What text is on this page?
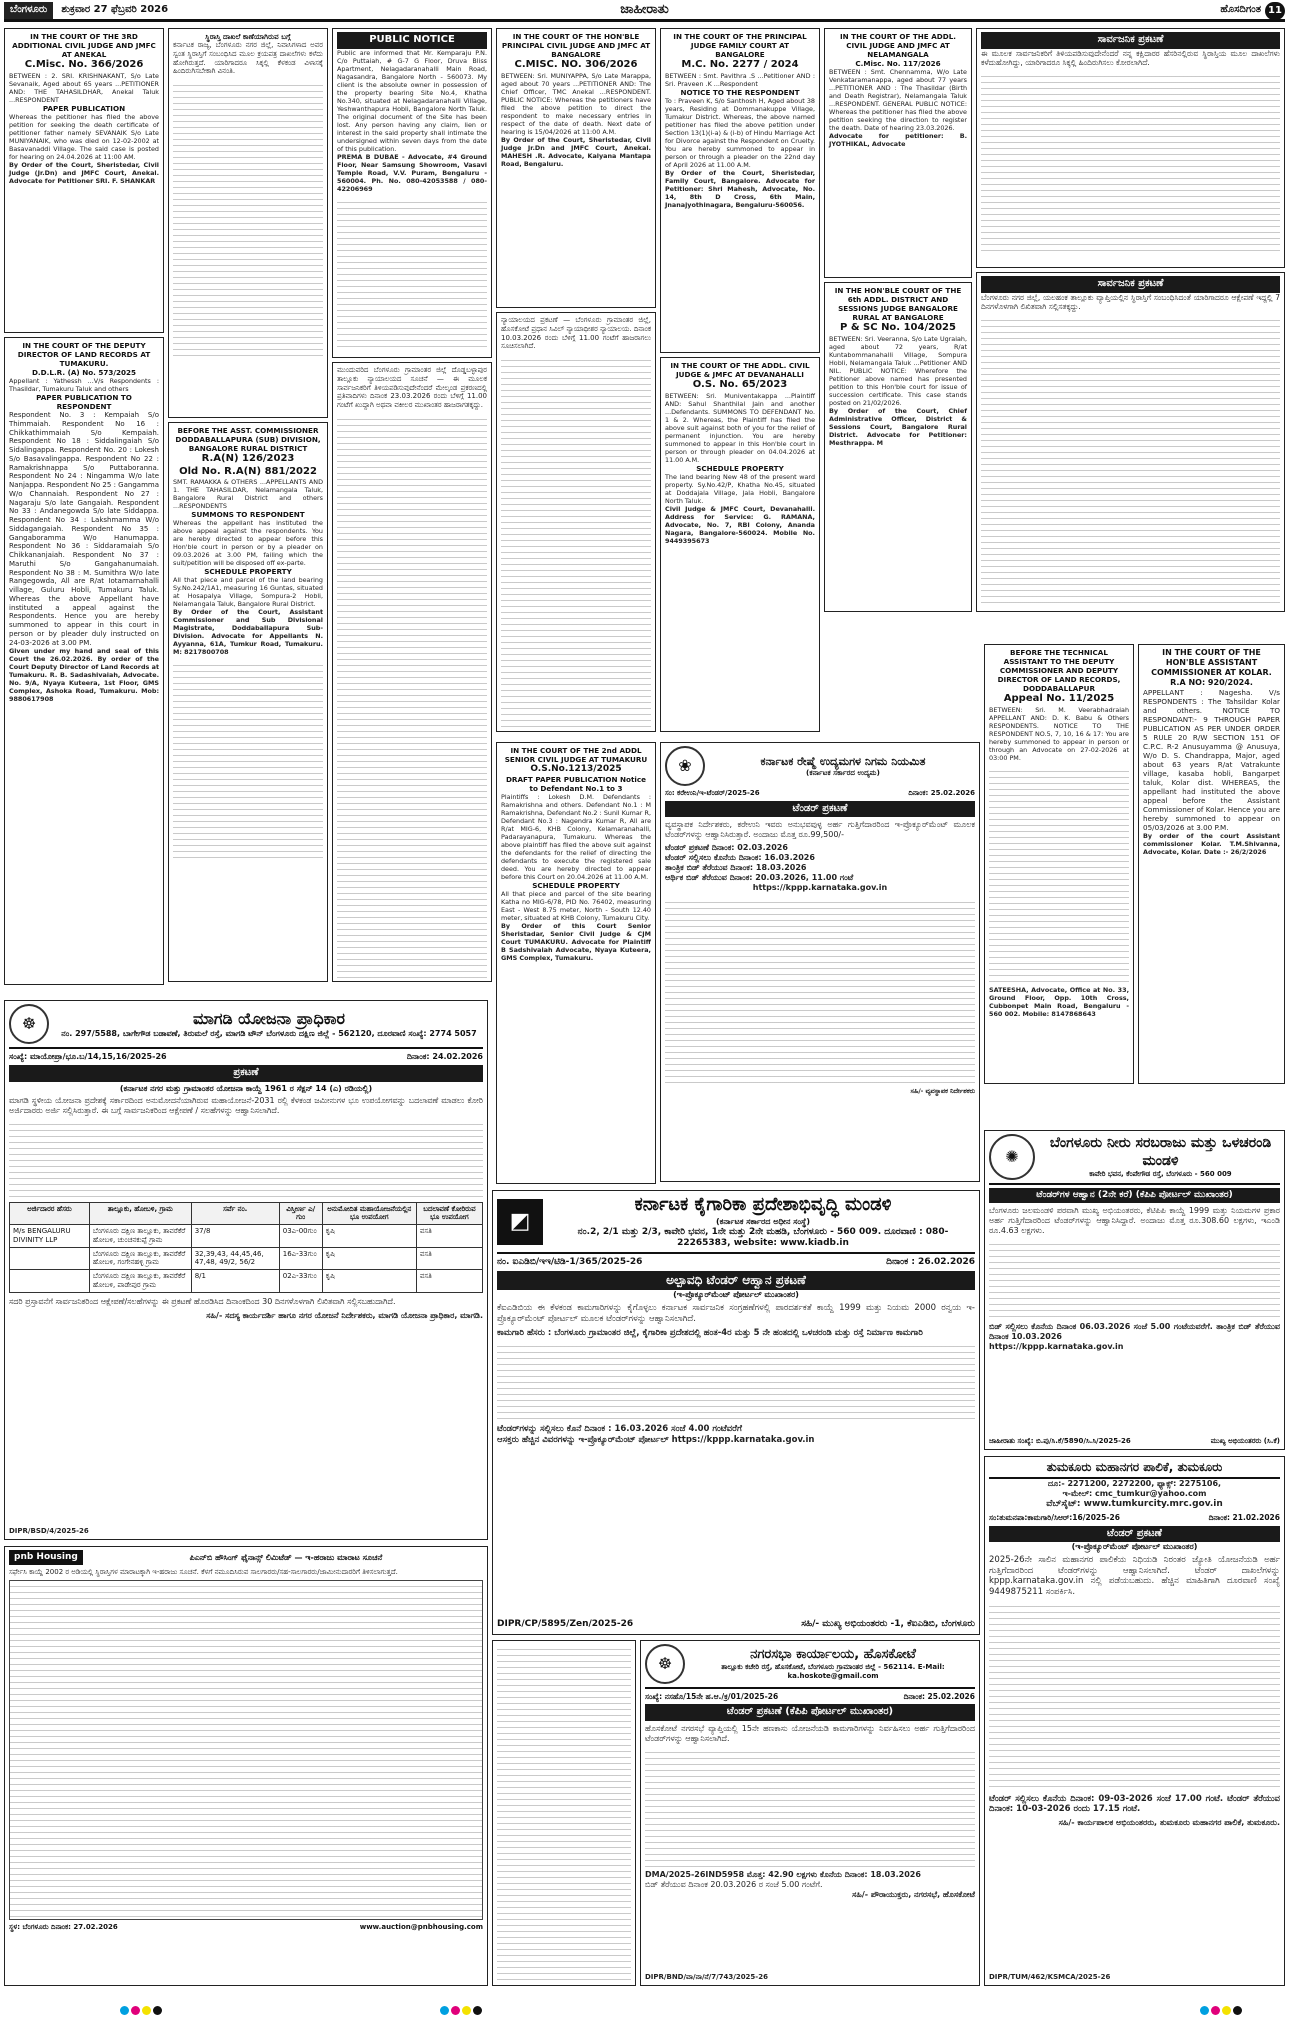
ಬೆಂಗಳೂರು	ಶುಕ್ರವಾರ 27 ಫೆಬ್ರವರಿ 2026	ಜಾಹೀರಾತು	ಹೊಸದಿಗಂತ 11
IN THE COURT OF THE 3RD ADDITIONAL CIVIL JUDGE AND JMFC AT ANEKAL
C.Misc. No. 366/2026
BETWEEN : 2. SRI. KRISHNAKANT, S/o Late Sevanaik, Aged about 65 years ...PETITIONER AND: THE TAHASILDHAR, Anekal Taluk ...RESPONDENT
PAPER PUBLICATION
Whereas the petitioner has filed the above petition for seeking the death certificate of petitioner father namely SEVANAIK S/o Late MUNIYANAIK, who was died on 12-02-2002 at Basavanaddi Village. The said case is posted for hearing on 24.04.2026 at 11:00 AM.
By Order of the Court, Sheristedar, Civil Judge (Jr.Dn) and JMFC Court, Anekal. Advocate for Petitioner SRI. F. SHANKAR
IN THE COURT OF THE DEPUTY DIRECTOR OF LAND RECORDS AT TUMAKURU.
D.D.L.R. (A) No. 573/2025
Appellant : Yathessh ...V/s Respondents : Thasildar, Tumakuru Taluk and others
PAPER PUBLICATION TO RESPONDENT
Respondent No. 3 : Kempaiah S/o Thimmaiah. Respondent No 16 : Chikkathimmaiah S/o Kempaiah. Respondent No 18 : Siddalingaiah S/o Sidalingappa. Respondent No. 20 : Lokesh S/o Basavalingappa. Respondent No 22 : Ramakrishnappa S/o Puttaboranna. Respondent No 24 : Ningamma W/o late Nanjappa. Respondent No 25 : Gangamma W/o Channaiah. Respondent No 27 : Nagaraju S/o late Gangaiah. Respondent No 33 : Andanegowda S/o late Siddappa. Respondent No 34 : Lakshmamma W/o Siddagangaiah. Respondent No 35 : Gangaboramma W/o Hanumappa. Respondent No 36 : Siddaramaiah S/o Chikkananjaiah. Respondent No 37 : Maruthi S/o Gangahanumaiah. Respondent No 38 : M. Sumithra W/o late Rangegowda, All are R/at Iotamarnahalli village, Guluru Hobli, Tumakuru Taluk. Whereas the above Appellant have instituted a appeal against the Respondents. Hence you are hereby summoned to appear in this court in person or by pleader duly instructed on 24-03-2026 at 3.00 PM.
Given under my hand and seal of this Court the 26.02.2026. By order of the Court Deputy Director of Land Records at Tumakuru. R. B. Sadashivaiah, Advocate. No. 9/A, Nyaya Kuteera, 1st Floor, GMS Complex, Ashoka Road, Tumakuru. Mob: 9880617908
ಸ್ಥಿರಾಸ್ತಿ ದಾಖಲೆ ಕಾಣೆಯಾಗಿರುವ ಬಗ್ಗೆ
ಕರ್ನಾಟಕ ರಾಜ್ಯ, ಬೆಂಗಳೂರು ನಗರ ಜಿಲ್ಲೆ, ನಿವಾಸಿಗಳಾದ ಅವರ ಸ್ವಂತ ಸ್ಥಿರಾಸ್ತಿಗೆ ಸಂಬಂಧಿಸಿದ ಮೂಲ ಕ್ರಯಪತ್ರ ದಾಖಲೆಗಳು ಕಳೆದು ಹೋಗಿರುತ್ತದೆ. ಯಾರಿಗಾದರೂ ಸಿಕ್ಕಲ್ಲಿ ಕೆಳಕಂಡ ವಿಳಾಸಕ್ಕೆ ಹಿಂದಿರುಗಿಸಬೇಕಾಗಿ ವಿನಂತಿ.
BEFORE THE ASST. COMMISSIONER DODDABALLAPURA (SUB) DIVISION, BANGALORE RURAL DISTRICT
R.A(N) 126/2023
Old No. R.A(N) 881/2022
SMT. RAMAKKA & OTHERS ...APPELLANTS AND 1. THE TAHASILDAR, Nelamangala Taluk, Bangalore Rural District and others ...RESPONDENTS
SUMMONS TO RESPONDENT
Whereas the appellant has instituted the above appeal against the respondents. You are hereby directed to appear before this Hon'ble court in person or by a pleader on 09.03.2026 at 3.00 PM, failing which the suit/petition will be disposed off ex-parte.
SCHEDULE PROPERTY
All that piece and parcel of the land bearing Sy.No.242/1A1, measuring 16 Guntas, situated at Hosapalya Village, Sompura-2 Hobli, Nelamangala Taluk, Bangalore Rural District.
By Order of the Court, Assistant Commissioner and Sub Divisional Magistrate, Doddaballapura Sub-Division. Advocate for Appellants N. Ayyanna, 61A, Tumkur Road, Tumakuru. M: 8217800708
PUBLIC NOTICE
Public are informed that Mr. Kemparaju P.N. C/o Puttaiah, # G-7 G Floor, Druva Bliss Apartment, Nelagadaranahalli Main Road, Nagasandra, Bangalore North - 560073. My client is the absolute owner in possession of the property bearing Site No.4, Khatha No.340, situated at Nelagadaranahalli Village, Yeshwanthapura Hobli, Bangalore North Taluk. The original document of the Site has been lost. Any person having any claim, lien or interest in the said property shall intimate the undersigned within seven days from the date of this publication.
PREMA B DUBAE - Advocate, #4 Ground Floor, Near Samsung Showroom, Vasavi Temple Road, V.V. Puram, Bengaluru - 560004. Ph. No. 080-42053588 / 080-42206969
ಮುಂದುವರಿದ ಬೆಂಗಳೂರು ಗ್ರಾಮಾಂತರ ಜಿಲ್ಲೆ ದೊಡ್ಡಬಳ್ಳಾಪುರ ತಾಲ್ಲೂಕು ನ್ಯಾಯಾಲಯದ ಸೂಚನೆ — ಈ ಮೂಲಕ ಸಾರ್ವಜನಿಕರಿಗೆ ತಿಳಿಯಪಡಿಸುವುದೇನೆಂದರೆ ಮೇಲ್ಕಂಡ ಪ್ರಕರಣದಲ್ಲಿ ಪ್ರತಿವಾದಿಗಳು ದಿನಾಂಕ 23.03.2026 ರಂದು ಬೆಳಿಗ್ಗೆ 11.00 ಗಂಟೆಗೆ ಖುದ್ದಾಗಿ ಅಥವಾ ವಕೀಲರ ಮುಖಾಂತರ ಹಾಜರಾಗತಕ್ಕದ್ದು.
IN THE COURT OF THE HON'BLE PRINCIPAL CIVIL JUDGE AND JMFC AT BANGALORE
C.MISC. NO. 306/2026
BETWEEN: Sri. MUNIYAPPA, S/o Late Marappa, aged about 70 years ...PETITIONER AND: The Chief Officer, TMC Anekal ...RESPONDENT. PUBLIC NOTICE: Whereas the petitioners have filed the above petition to direct the respondent to make necessary entries in respect of the date of death. Next date of hearing is 15/04/2026 at 11:00 A.M.
By Order of the Court, Sheristedar, Civil Judge Jr.Dn and JMFC Court, Anekal. MAHESH .R. Advocate, Kalyana Mantapa Road, Bengaluru.
ನ್ಯಾಯಾಲಯದ ಪ್ರಕಟಣೆ — ಬೆಂಗಳೂರು ಗ್ರಾಮಾಂತರ ಜಿಲ್ಲೆ, ಹೊಸಕೋಟೆ ಪ್ರಧಾನ ಸಿವಿಲ್ ನ್ಯಾಯಾಧೀಶರ ನ್ಯಾಯಾಲಯ. ದಿನಾಂಕ 10.03.2026 ರಂದು ಬೆಳಿಗ್ಗೆ 11.00 ಗಂಟೆಗೆ ಹಾಜರಾಗಲು ಸೂಚಿಸಲಾಗಿದೆ.
IN THE COURT OF THE PRINCIPAL JUDGE FAMILY COURT AT BANGALORE
M.C. No. 2277 / 2024
BETWEEN : Smt. Pavithra .S ...Petitioner AND : Sri. Praveen .K ...Respondent
NOTICE TO THE RESPONDENT
To : Praveen K, S/o Santhosh H, Aged about 38 years, Residing at Dommanakuppe Village, Tumakur District. Whereas, the above named petitioner has filed the above petition under Section 13(1)(i-a) & (i-b) of Hindu Marriage Act for Divorce against the Respondent on Cruelty. You are hereby summoned to appear in person or through a pleader on the 22nd day of April 2026 at 11.00 A.M.
By Order of the Court, Sheristedar, Family Court, Bangalore. Advocate for Petitioner: Shri Mahesh, Advocate, No. 14, 8th D Cross, 6th Main, Jnanajyothinagara, Bengaluru-560056.
IN THE COURT OF THE ADDL. CIVIL JUDGE & JMFC AT DEVANAHALLI
O.S. No. 65/2023
BETWEEN: Sri. Muniventakappa ...Plaintiff AND: Sahul Shanthilal Jain and another ...Defendants. SUMMONS TO DEFENDANT No. 1 & 2. Whereas, the Plaintiff has filed the above suit against both of you for the relief of permanent injunction. You are hereby summoned to appear in this Hon'ble court in person or through pleader on 04.04.2026 at 11.00 A.M.
SCHEDULE PROPERTY
The land bearing New 48 of the present ward property. Sy.No.42/P, Khatha No.45, situated at Doddajala Village, Jala Hobli, Bangalore North Taluk.
Civil Judge & JMFC Court, Devanahalli. Address for Service: G. RAMANA, Advocate, No. 7, RBI Colony, Ananda Nagara, Bangalore-560024. Mobile No. 9449395673
IN THE COURT OF THE 2nd ADDL SENIOR CIVIL JUDGE AT TUMAKURU
O.S.No.1213/2025
DRAFT PAPER PUBLICATION Notice to Defendant No.1 to 3
Plaintiffs : Lokesh D.M. Defendants : Ramakrishna and others. Defendant No.1 : M Ramakrishna, Defendant No.2 : Sunil Kumar R, Defendant No.3 : Nagendra Kumar R, All are R/at MIG-6, KHB Colony, Kelamaranahalli, Padarayanapura, Tumakuru. Whereas the above plaintiff has filed the above suit against the defendants for the relief of directing the defendants to execute the registered sale deed. You are hereby directed to appear before this Court on 20.04.2026 at 11.00 A.M.
SCHEDULE PROPERTY
All that piece and parcel of the site bearing Katha no MIG-6/78, PID No. 76402, measuring East - West 8.75 meter, North - South 12.40 meter, situated at KHB Colony, Tumakuru City.
By Order of this Court Senior Sheristadar, Senior Civil Judge & CJM Court TUMAKURU. Advocate for Plaintiff B Sadshivaiah Advocate, Nyaya Kuteera, GMS Complex, Tumakuru.
❀	ಕರ್ನಾಟಕ ರೇಷ್ಮೆ ಉದ್ಯಮಗಳ ನಿಗಮ ನಿಯಮಿತ
(ಕರ್ನಾಟಕ ಸರ್ಕಾರದ ಉದ್ಯಮ)
ಸಂ: ಕರೇಉನಿ/ಇ-ಟೆಂಡರ್/2025-26	ದಿನಾಂಕ: 25.02.2026
ಟೆಂಡರ್ ಪ್ರಕಟಣೆ
ವ್ಯವಸ್ಥಾಪಕ ನಿರ್ದೇಶಕರು, ಕರೇಉನಿ ಇವರು ಅನುಭವವುಳ್ಳ ಅರ್ಹ ಗುತ್ತಿಗೆದಾರರಿಂದ ಇ-ಪ್ರೊಕ್ಯೂರ್‌ಮೆಂಟ್ ಮೂಲಕ ಟೆಂಡರ್‌ಗಳನ್ನು ಆಹ್ವಾನಿಸಿರುತ್ತಾರೆ. ಅಂದಾಜು ಮೊತ್ತ ರೂ.99,500/-
ಟೆಂಡರ್ ಪ್ರಕಟಣೆ ದಿನಾಂಕ: 02.03.2026
ಟೆಂಡರ್ ಸಲ್ಲಿಸಲು ಕೊನೆಯ ದಿನಾಂಕ: 16.03.2026
ತಾಂತ್ರಿಕ ಬಿಡ್ ತೆರೆಯುವ ದಿನಾಂಕ: 18.03.2026
ಆರ್ಥಿಕ ಬಿಡ್ ತೆರೆಯುವ ದಿನಾಂಕ: 20.03.2026, 11.00 ಗಂಟೆ
https://kppp.karnataka.gov.in
ಸಹಿ/- ವ್ಯವಸ್ಥಾಪಕ ನಿರ್ದೇಶಕರು
IN THE COURT OF THE ADDL. CIVIL JUDGE AND JMFC AT NELAMANGALA
C.Misc. No. 117/2026
BETWEEN : Smt. Chennamma, W/o Late Venkataramanappa, aged about 77 years ...PETITIONER AND : The Thasildar (Birth and Death Registrar), Nelamangala Taluk ...RESPONDENT. GENERAL PUBLIC NOTICE: Whereas the petitioner has filed the above petition seeking the direction to register the death. Date of hearing 23.03.2026.
Advocate for petitioner: B. JYOTHIKAL, Advocate
IN THE HON'BLE COURT OF THE 6th ADDL. DISTRICT AND SESSIONS JUDGE BANGALORE RURAL AT BANGALORE
P & SC No. 104/2025
BETWEEN: Sri. Veeranna, S/o Late Ugraiah, aged about 72 years, R/at Kuntabommanahalli Village, Sompura Hobli, Nelamangala Taluk ...Petitioner AND NIL. PUBLIC NOTICE: Wherefore the Petitioner above named has presented petition to this Hon'ble court for issue of succession certificate. This case stands posted on 21/02/2026.
By Order of the Court, Chief Administrative Officer, District & Sessions Court, Bangalore Rural District. Advocate for Petitioner: Mesthrappa. M
ಸಾರ್ವಜನಿಕ ಪ್ರಕಟಣೆ
ಈ ಮೂಲಕ ಸಾರ್ವಜನಿಕರಿಗೆ ತಿಳಿಯಪಡಿಸುವುದೇನೆಂದರೆ ನನ್ನ ಕಕ್ಷಿದಾರರ ಹೆಸರಿನಲ್ಲಿರುವ ಸ್ಥಿರಾಸ್ತಿಯ ಮೂಲ ದಾಖಲೆಗಳು ಕಳೆದುಹೋಗಿದ್ದು, ಯಾರಿಗಾದರೂ ಸಿಕ್ಕಲ್ಲಿ ಹಿಂದಿರುಗಿಸಲು ಕೋರಲಾಗಿದೆ.
ಸಾರ್ವಜನಿಕ ಪ್ರಕಟಣೆ
ಬೆಂಗಳೂರು ನಗರ ಜಿಲ್ಲೆ, ಯಲಹಂಕ ತಾಲ್ಲೂಕು ವ್ಯಾಪ್ತಿಯಲ್ಲಿನ ಸ್ಥಿರಾಸ್ತಿಗೆ ಸಂಬಂಧಿಸಿದಂತೆ ಯಾರಿಗಾದರೂ ಆಕ್ಷೇಪಣೆ ಇದ್ದಲ್ಲಿ 7 ದಿನಗಳೊಳಗಾಗಿ ಲಿಖಿತವಾಗಿ ಸಲ್ಲಿಸತಕ್ಕದ್ದು.
BEFORE THE TECHNICAL ASSISTANT TO THE DEPUTY COMMISSIONER AND DEPUTY DIRECTOR OF LAND RECORDS, DODDABALLAPUR
Appeal No. 11/2025
BETWEEN: Sri. M. Veerabhadraiah APPELLANT AND: D. K. Babu & Others RESPONDENTS. NOTICE TO THE RESPONDENT NO.5, 7, 10, 16 & 17: You are hereby summoned to appear in person or through an Advocate on 27-02-2026 at 03:00 PM.
SATEESHA, Advocate, Office at No. 33, Ground Floor, Opp. 10th Cross, Cubbonpet Main Road, Bengaluru - 560 002. Mobile: 8147868643
IN THE COURT OF THE HON'BLE ASSISTANT COMMISSIONER AT KOLAR.
R.A NO: 920/2024.
APPELLANT : Nagesha. V/s RESPONDENTS : The Tahsildar Kolar and others. NOTICE TO RESPONDANT:- 9 THROUGH PAPER PUBLICATION AS PER UNDER ORDER 5 RULE 20 R/W SECTION 151 OF C.P.C. R-2 Anusuyamma @ Anusuya, W/o D. S. Chandrappa, Major, aged about 63 years R/at Vatrakunte village, kasaba hobli, Bangarpet taluk, Kolar dist. WHEREAS, the appellant had instituted the above appeal before the Assistant Commissioner of Kolar. Hence you are hereby summoned to appear on 05/03/2026 at 3.00 P.M.
By order of the court Assistant commissioner Kolar. T.M.Shivanna, Advocate, Kolar. Date :- 26/2/2026
☸	ಮಾಗಡಿ ಯೋಜನಾ ಪ್ರಾಧಿಕಾರ
ನಂ. 297/5588, ಬಾಗೇಗೌಡ ಬಡಾವಣೆ, ತಿರುಮಲೆ ರಸ್ತೆ, ಮಾಗಡಿ ಟೌನ್ ಬೆಂಗಳೂರು ದಕ್ಷಿಣ ಜಿಲ್ಲೆ - 562120, ದೂರವಾಣಿ ಸಂಖ್ಯೆ: 2774 5057
ಸಂಖ್ಯೆ: ಮಾಯೋಪ್ರಾ/ಭೂ.ಬ/14,15,16/2025-26	ದಿನಾಂಕ: 24.02.2026
ಪ್ರಕಟಣೆ
(ಕರ್ನಾಟಕ ನಗರ ಮತ್ತು ಗ್ರಾಮಾಂತರ ಯೋಜನಾ ಕಾಯ್ದೆ 1961 ರ ಸೆಕ್ಷನ್ 14 (ಎ) ರಡಿಯಲ್ಲಿ)
ಮಾಗಡಿ ಸ್ಥಳೀಯ ಯೋಜನಾ ಪ್ರದೇಶಕ್ಕೆ ಸರ್ಕಾರದಿಂದ ಅನುಮೋದನೆಯಾಗಿರುವ ಮಹಾಯೋಜನೆ-2031 ರಲ್ಲಿ ಕೆಳಕಂಡ ಜಮೀನುಗಳ ಭೂ ಉಪಯೋಗವನ್ನು ಬದಲಾವಣೆ ಮಾಡಲು ಕೋರಿ ಅರ್ಜಿದಾರರು ಅರ್ಜಿ ಸಲ್ಲಿಸಿರುತ್ತಾರೆ. ಈ ಬಗ್ಗೆ ಸಾರ್ವಜನಿಕರಿಂದ ಆಕ್ಷೇಪಣೆ / ಸಲಹೆಗಳನ್ನು ಆಹ್ವಾನಿಸಲಾಗಿದೆ.
ಅರ್ಜಿದಾರರ ಹೆಸರು	ತಾಲ್ಲೂಕು, ಹೋಬಳಿ, ಗ್ರಾಮ	ಸರ್ವೆ ನಂ.	ವಿಸ್ತೀರ್ಣ ಎ/ಗುಂ	ಅನುಮೋದಿತ ಮಹಾಯೋಜನೆಯಲ್ಲಿನ ಭೂ ಉಪಯೋಗ	ಬದಲಾವಣೆ ಕೋರಿರುವ ಭೂ ಉಪಯೋಗ
M/s BENGALURU DIVINITY LLP	ಬೆಂಗಳೂರು ದಕ್ಷಿಣ ತಾಲ್ಲೂಕು, ತಾವರೆಕೆರೆ ಹೋಬಳಿ, ಚುಂಚನಕುಪ್ಪೆ ಗ್ರಾಮ	37/8	03ಎ-00ಗುಂ	ಕೃಷಿ	ವಸತಿ
	ಬೆಂಗಳೂರು ದಕ್ಷಿಣ ತಾಲ್ಲೂಕು, ತಾವರೆಕೆರೆ ಹೋಬಳಿ, ಗಂಗೇನಹಳ್ಳಿ ಗ್ರಾಮ	32,39,43, 44,45,46, 47,48, 49/2, 56/2	16ಎ-33ಗುಂ	ಕೃಷಿ	ವಸತಿ
	ಬೆಂಗಳೂರು ದಕ್ಷಿಣ ತಾಲ್ಲೂಕು, ತಾವರೆಕೆರೆ ಹೋಬಳಿ, ಪಾಡೇಪುರ ಗ್ರಾಮ	8/1	02ಎ-33ಗುಂ	ಕೃಷಿ	ವಸತಿ
ಸದರಿ ಪ್ರಸ್ತಾವನೆಗೆ ಸಾರ್ವಜನಿಕರಿಂದ ಆಕ್ಷೇಪಣೆ/ಸಲಹೆಗಳನ್ನು ಈ ಪ್ರಕಟಣೆ ಹೊರಡಿಸಿದ ದಿನಾಂಕದಿಂದ 30 ದಿನಗಳೊಳಗಾಗಿ ಲಿಖಿತವಾಗಿ ಸಲ್ಲಿಸಬಹುದಾಗಿದೆ.
ಸಹಿ/- ಸದಸ್ಯ ಕಾರ್ಯದರ್ಶಿ ಹಾಗೂ ನಗರ ಯೋಜನೆ ನಿರ್ದೇಶಕರು, ಮಾಗಡಿ ಯೋಜನಾ ಪ್ರಾಧಿಕಾರ, ಮಾಗಡಿ.
DIPR/BSD/4/2025-26
pnb Housing	ಪಿಎನ್‌ಬಿ ಹೌಸಿಂಗ್ ಫೈನಾನ್ಸ್ ಲಿಮಿಟೆಡ್ — ಇ-ಹರಾಜು ಮಾರಾಟ ಸೂಚನೆ
ಸರ್ಫೇಸಿ ಕಾಯ್ದೆ 2002 ರ ಅಡಿಯಲ್ಲಿ ಸ್ಥಿರಾಸ್ತಿಗಳ ಮಾರಾಟಕ್ಕಾಗಿ ಇ-ಹರಾಜು ಸೂಚನೆ. ಕೆಳಗೆ ನಮೂದಿಸಿರುವ ಸಾಲಗಾರರು/ಸಹ-ಸಾಲಗಾರರು/ಜಾಮೀನುದಾರರಿಗೆ ತಿಳಿಸಲಾಗುತ್ತದೆ.
ಸ್ಥಳ: ಬೆಂಗಳೂರು ದಿನಾಂಕ: 27.02.2026	www.auction@pnbhousing.com
◩
ಕರ್ನಾಟಕ ಕೈಗಾರಿಕಾ ಪ್ರದೇಶಾಭಿವೃದ್ಧಿ ಮಂಡಳಿ
(ಕರ್ನಾಟಕ ಸರ್ಕಾರದ ಅಧೀನ ಸಂಸ್ಥೆ)
ನಂ.2, 2/1 ಮತ್ತು 2/3, ಕಾವೇರಿ ಭವನ, 1ನೇ ಮತ್ತು 2ನೇ ಮಹಡಿ, ಬೆಂಗಳೂರು - 560 009. ದೂರವಾಣಿ : 080-22265383, website: www.kiadb.in
ನಂ. ಐಎಡಿಬಿ/ಇಇ/ಟಿಡಿ-1/365/2025-26	ದಿನಾಂಕ : 26.02.2026
ಅಲ್ಪಾವಧಿ ಟೆಂಡರ್ ಆಹ್ವಾನ ಪ್ರಕಟಣೆ
(ಇ-ಪ್ರೊಕ್ಯೂರ್‌ಮೆಂಟ್ ಪೋರ್ಟಲ್ ಮುಖಾಂತರ)
ಕೆಐಎಡಿಬಿಯ ಈ ಕೆಳಕಂಡ ಕಾಮಗಾರಿಗಳನ್ನು ಕೈಗೊಳ್ಳಲು ಕರ್ನಾಟಕ ಸಾರ್ವಜನಿಕ ಸಂಗ್ರಹಣೆಗಳಲ್ಲಿ ಪಾರದರ್ಶಕತೆ ಕಾಯ್ದೆ 1999 ಮತ್ತು ನಿಯಮ 2000 ರನ್ವಯ ಇ-ಪ್ರೊಕ್ಯೂರ್‌ಮೆಂಟ್ ಪೋರ್ಟಲ್ ಮೂಲಕ ಟೆಂಡರ್‌ಗಳನ್ನು ಆಹ್ವಾನಿಸಲಾಗಿದೆ.
ಕಾಮಗಾರಿ ಹೆಸರು : ಬೆಂಗಳೂರು ಗ್ರಾಮಾಂತರ ಜಿಲ್ಲೆ, ಕೈಗಾರಿಕಾ ಪ್ರದೇಶದಲ್ಲಿ ಹಂತ-4ರ ಮತ್ತು 5 ನೇ ಹಂತದಲ್ಲಿ ಒಳಚರಂಡಿ ಮತ್ತು ರಸ್ತೆ ನಿರ್ಮಾಣ ಕಾಮಗಾರಿ
ಟೆಂಡರ್‌ಗಳನ್ನು ಸಲ್ಲಿಸಲು ಕೊನೆ ದಿನಾಂಕ : 16.03.2026 ಸಂಜೆ 4.00 ಗಂಟೆವರೆಗೆ
ಆಸಕ್ತರು ಹೆಚ್ಚಿನ ವಿವರಗಳನ್ನು ಇ-ಪ್ರೊಕ್ಯೂರ್‌ಮೆಂಟ್ ಪೋರ್ಟಲ್ https://kppp.karnataka.gov.in
DIPR/CP/5895/Zen/2025-26	ಸಹಿ/- ಮುಖ್ಯ ಅಭಿಯಂತರರು -1, ಕೆಐಎಡಿಬಿ, ಬೆಂಗಳೂರು
☸	ನಗರಸಭಾ ಕಾರ್ಯಾಲಯ, ಹೊಸಕೋಟೆ
ತಾಲ್ಲೂಕು ಕಚೇರಿ ರಸ್ತೆ, ಹೊಸಕೋಟೆ, ಬೆಂಗಳೂರು ಗ್ರಾಮಾಂತರ ಜಿಲ್ಲೆ - 562114. E-Mail: ka.hoskote@gmail.com
ಸಂಖ್ಯೆ: ನಸಹೊ/15ನೇ ಹ.ಆ./ಕ್ರ/01/2025-26	ದಿನಾಂಕ: 25.02.2026
ಟೆಂಡರ್ ಪ್ರಕಟಣೆ (ಕೆಪಿಪಿ ಪೋರ್ಟಲ್ ಮುಖಾಂತರ)
ಹೊಸಕೋಟೆ ನಗರಸಭೆ ವ್ಯಾಪ್ತಿಯಲ್ಲಿ 15ನೇ ಹಣಕಾಸು ಯೋಜನೆಯಡಿ ಕಾಮಗಾರಿಗಳನ್ನು ನಿರ್ವಹಿಸಲು ಅರ್ಹ ಗುತ್ತಿಗೆದಾರರಿಂದ ಟೆಂಡರ್‌ಗಳನ್ನು ಆಹ್ವಾನಿಸಲಾಗಿದೆ.
DMA/2025-26IND5958 ಮೊತ್ತ: 42.90 ಲಕ್ಷಗಳು ಕೊನೆಯ ದಿನಾಂಕ: 18.03.2026
ಬಿಡ್ ತೆರೆಯುವ ದಿನಾಂಕ 20.03.2026 ರ ಸಂಜೆ 5.00 ಗಂಟೆಗೆ.
ಸಹಿ/- ಪೌರಾಯುಕ್ತರು, ನಗರಸಭೆ, ಹೊಸಕೋಟೆ
DIPR/BND/ವಾ/ನಾ/ನೆ/7/743/2025-26
✺
ಬೆಂಗಳೂರು ನೀರು ಸರಬರಾಜು ಮತ್ತು ಒಳಚರಂಡಿ ಮಂಡಳಿ
ಕಾವೇರಿ ಭವನ, ಕೆಂಪೇಗೌಡ ರಸ್ತೆ, ಬೆಂಗಳೂರು - 560 009
ಟೆಂಡರ್‌ಗಳ ಆಹ್ವಾನ (2ನೇ ಕರೆ) (ಕೆಪಿಪಿ ಪೋರ್ಟಲ್ ಮುಖಾಂತರ)
ಬೆಂಗಳೂರು ಜಲಮಂಡಳಿ ಪರವಾಗಿ ಮುಖ್ಯ ಅಭಿಯಂತರರು, ಕೆಟಿಪಿಪಿ ಕಾಯ್ದೆ 1999 ಮತ್ತು ನಿಯಮಗಳ ಪ್ರಕಾರ ಅರ್ಹ ಗುತ್ತಿಗೆದಾರರಿಂದ ಟೆಂಡರ್‌ಗಳನ್ನು ಆಹ್ವಾನಿಸಿದ್ದಾರೆ. ಅಂದಾಜು ಮೊತ್ತ ರೂ.308.60 ಲಕ್ಷಗಳು, ಇಎಂಡಿ ರೂ.4.63 ಲಕ್ಷಗಳು.
ಬಿಡ್ ಸಲ್ಲಿಸಲು ಕೊನೆಯ ದಿನಾಂಕ 06.03.2026 ಸಂಜೆ 5.00 ಗಂಟೆಯವರೆಗೆ. ತಾಂತ್ರಿಕ ಬಿಡ್ ತೆರೆಯುವ ದಿನಾಂಕ 10.03.2026
https://kppp.karnataka.gov.in
ಜಾಹೀರಾತು ಸಂಖ್ಯೆ: ಬಿ.ಪು/ಸಿ.ಕೆ/5890/ಸಿ.ಸಿ/2025-26	ಮುಖ್ಯ ಅಭಿಯಂತರರು (ಸಿ.ಕೆ)
ತುಮಕೂರು ಮಹಾನಗರ ಪಾಲಿಕೆ, ತುಮಕೂರು
ದೂ:- 2271200, 2272200, ಫ್ಯಾಕ್ಸ್: 2275106,
ಇ-ಮೇಲ್: cmc_tumkur@yahoo.com
ವೆಬ್‌ಸೈಟ್: www.tumkurcity.mrc.gov.in
ಸಂ:ತುಮನಪಾ:ಕಾಮಗಾರಿ/ಸಿಆರ್:16/2025-26	ದಿನಾಂಕ: 21.02.2026
ಟೆಂಡರ್ ಪ್ರಕಟಣೆ
(ಇ-ಪ್ರೊಕ್ಯೂರ್‌ಮೆಂಟ್ ಪೋರ್ಟಲ್ ಮುಖಾಂತರ)
2025-26ನೇ ಸಾಲಿನ ಮಹಾನಗರ ಪಾಲಿಕೆಯ ನಿಧಿಯಡಿ ನಿರಂತರ ಜ್ಯೋತಿ ಯೋಜನೆಯಡಿ ಅರ್ಹ ಗುತ್ತಿಗೆದಾರರಿಂದ ಟೆಂಡರ್‌ಗಳನ್ನು ಆಹ್ವಾನಿಸಲಾಗಿದೆ. ಟೆಂಡರ್ ದಾಖಲೆಗಳನ್ನು kppp.karnataka.gov.in ನಲ್ಲಿ ಪಡೆಯಬಹುದು. ಹೆಚ್ಚಿನ ಮಾಹಿತಿಗಾಗಿ ದೂರವಾಣಿ ಸಂಖ್ಯೆ 9449875211 ಸಂಪರ್ಕಿಸಿ.
ಟೆಂಡರ್ ಸಲ್ಲಿಸಲು ಕೊನೆಯ ದಿನಾಂಕ: 09-03-2026 ಸಂಜೆ 17.00 ಗಂಟೆ. ಟೆಂಡರ್ ತೆರೆಯುವ ದಿನಾಂಕ: 10-03-2026 ರಂದು 17.15 ಗಂಟೆ.
ಸಹಿ/- ಕಾರ್ಯಪಾಲಕ ಅಭಿಯಂತರರು, ತುಮಕೂರು ಮಹಾನಗರ ಪಾಲಿಕೆ, ತುಮಕೂರು.
DIPR/TUM/462/KSMCA/2025-26
